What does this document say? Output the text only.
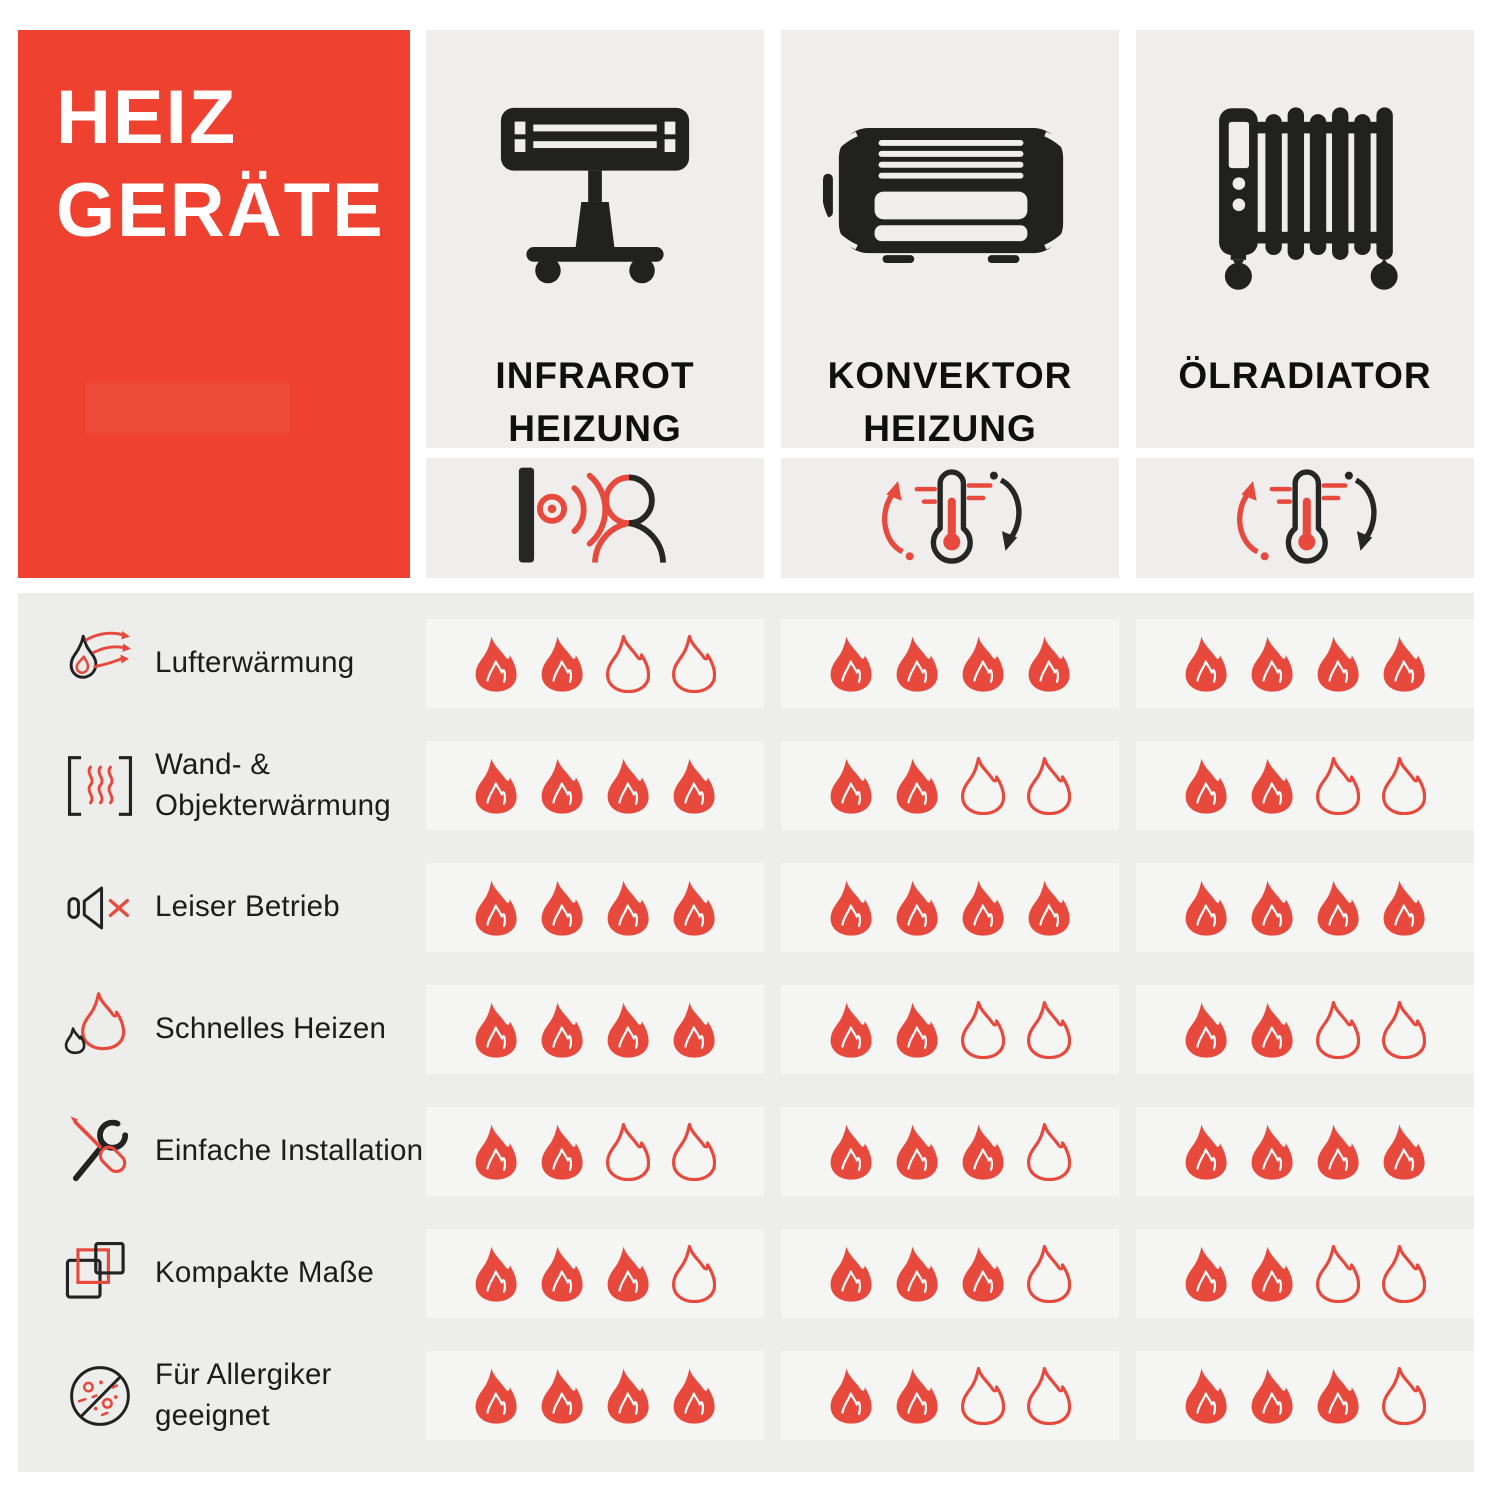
HEIZ
GERÄTE
INFRAROT
HEIZUNG
KONVEKTOR
HEIZUNG
ÖLRADIATOR
Lufterwärmung
Wand- &
Objekterwärmung
Leiser Betrieb
Schnelles Heizen
Einfache Installation
Kompakte Maße
Für Allergiker
geeignet
